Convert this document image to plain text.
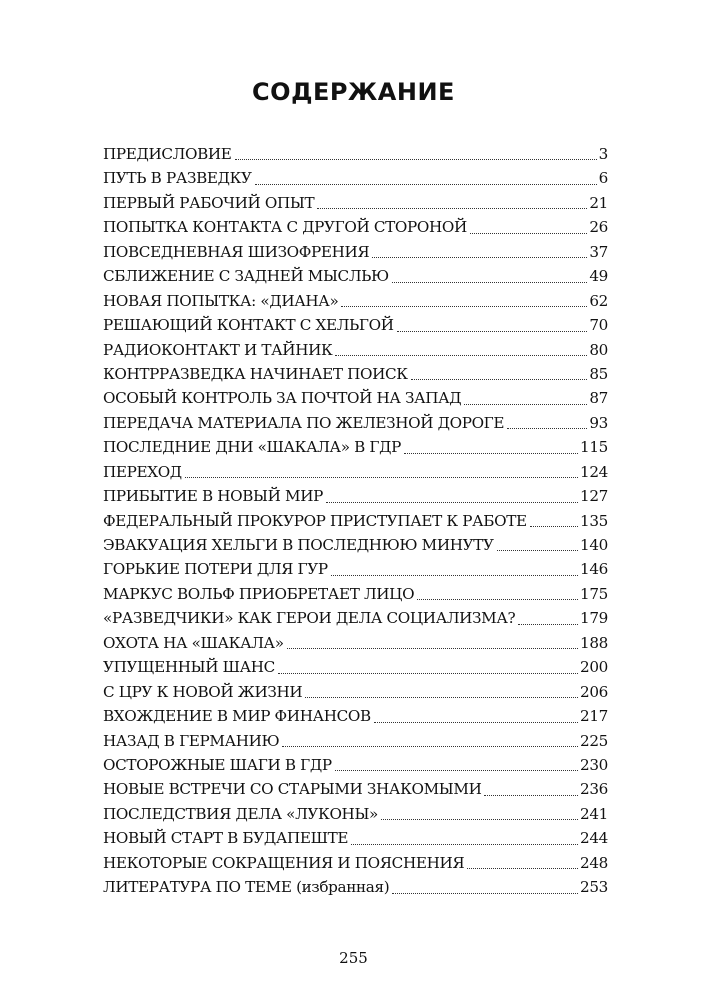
СОДЕРЖАНИЕ
ПРЕДИСЛОВИЕ	3
ПУТЬ В РАЗВЕДКУ	6
ПЕРВЫЙ РАБОЧИЙ ОПЫТ	21
ПОПЫТКА КОНТАКТА С ДРУГОЙ СТОРОНОЙ	26
ПОВСЕДНЕВНАЯ ШИЗОФРЕНИЯ	37
СБЛИЖЕНИЕ С ЗАДНЕЙ МЫСЛЬЮ	49
НОВАЯ ПОПЫТКА: «ДИАНА»	62
РЕШАЮЩИЙ КОНТАКТ С ХЕЛЬГОЙ	70
РАДИОКОНТАКТ И ТАЙНИК	80
КОНТРРАЗВЕДКА НАЧИНАЕТ ПОИСК	85
ОСОБЫЙ КОНТРОЛЬ ЗА ПОЧТОЙ НА ЗАПАД	87
ПЕРЕДАЧА МАТЕРИАЛА ПО ЖЕЛЕЗНОЙ ДОРОГЕ	93
ПОСЛЕДНИЕ ДНИ «ШАКАЛА» В ГДР	115
ПЕРЕХОД	124
ПРИБЫТИЕ В НОВЫЙ МИР	127
ФЕДЕРАЛЬНЫЙ ПРОКУРОР ПРИСТУПАЕТ К РАБОТЕ	135
ЭВАКУАЦИЯ ХЕЛЬГИ В ПОСЛЕДНЮЮ МИНУТУ	140
ГОРЬКИЕ ПОТЕРИ ДЛЯ ГУР	146
МАРКУС ВОЛЬФ ПРИОБРЕТАЕТ ЛИЦО	175
«РАЗВЕДЧИКИ» КАК ГЕРОИ ДЕЛА СОЦИАЛИЗМА?	179
ОХОТА НА «ШАКАЛА»	188
УПУЩЕННЫЙ ШАНС	200
С ЦРУ К НОВОЙ ЖИЗНИ	206
ВХОЖДЕНИЕ В МИР ФИНАНСОВ	217
НАЗАД В ГЕРМАНИЮ	225
ОСТОРОЖНЫЕ ШАГИ В ГДР	230
НОВЫЕ ВСТРЕЧИ СО СТАРЫМИ ЗНАКОМЫМИ	236
ПОСЛЕДСТВИЯ ДЕЛА «ЛУКОНЫ»	241
НОВЫЙ СТАРТ В БУДАПЕШТЕ	244
НЕКОТОРЫЕ СОКРАЩЕНИЯ И ПОЯСНЕНИЯ	248
ЛИТЕРАТУРА ПО ТЕМЕ (избранная)	253
255
